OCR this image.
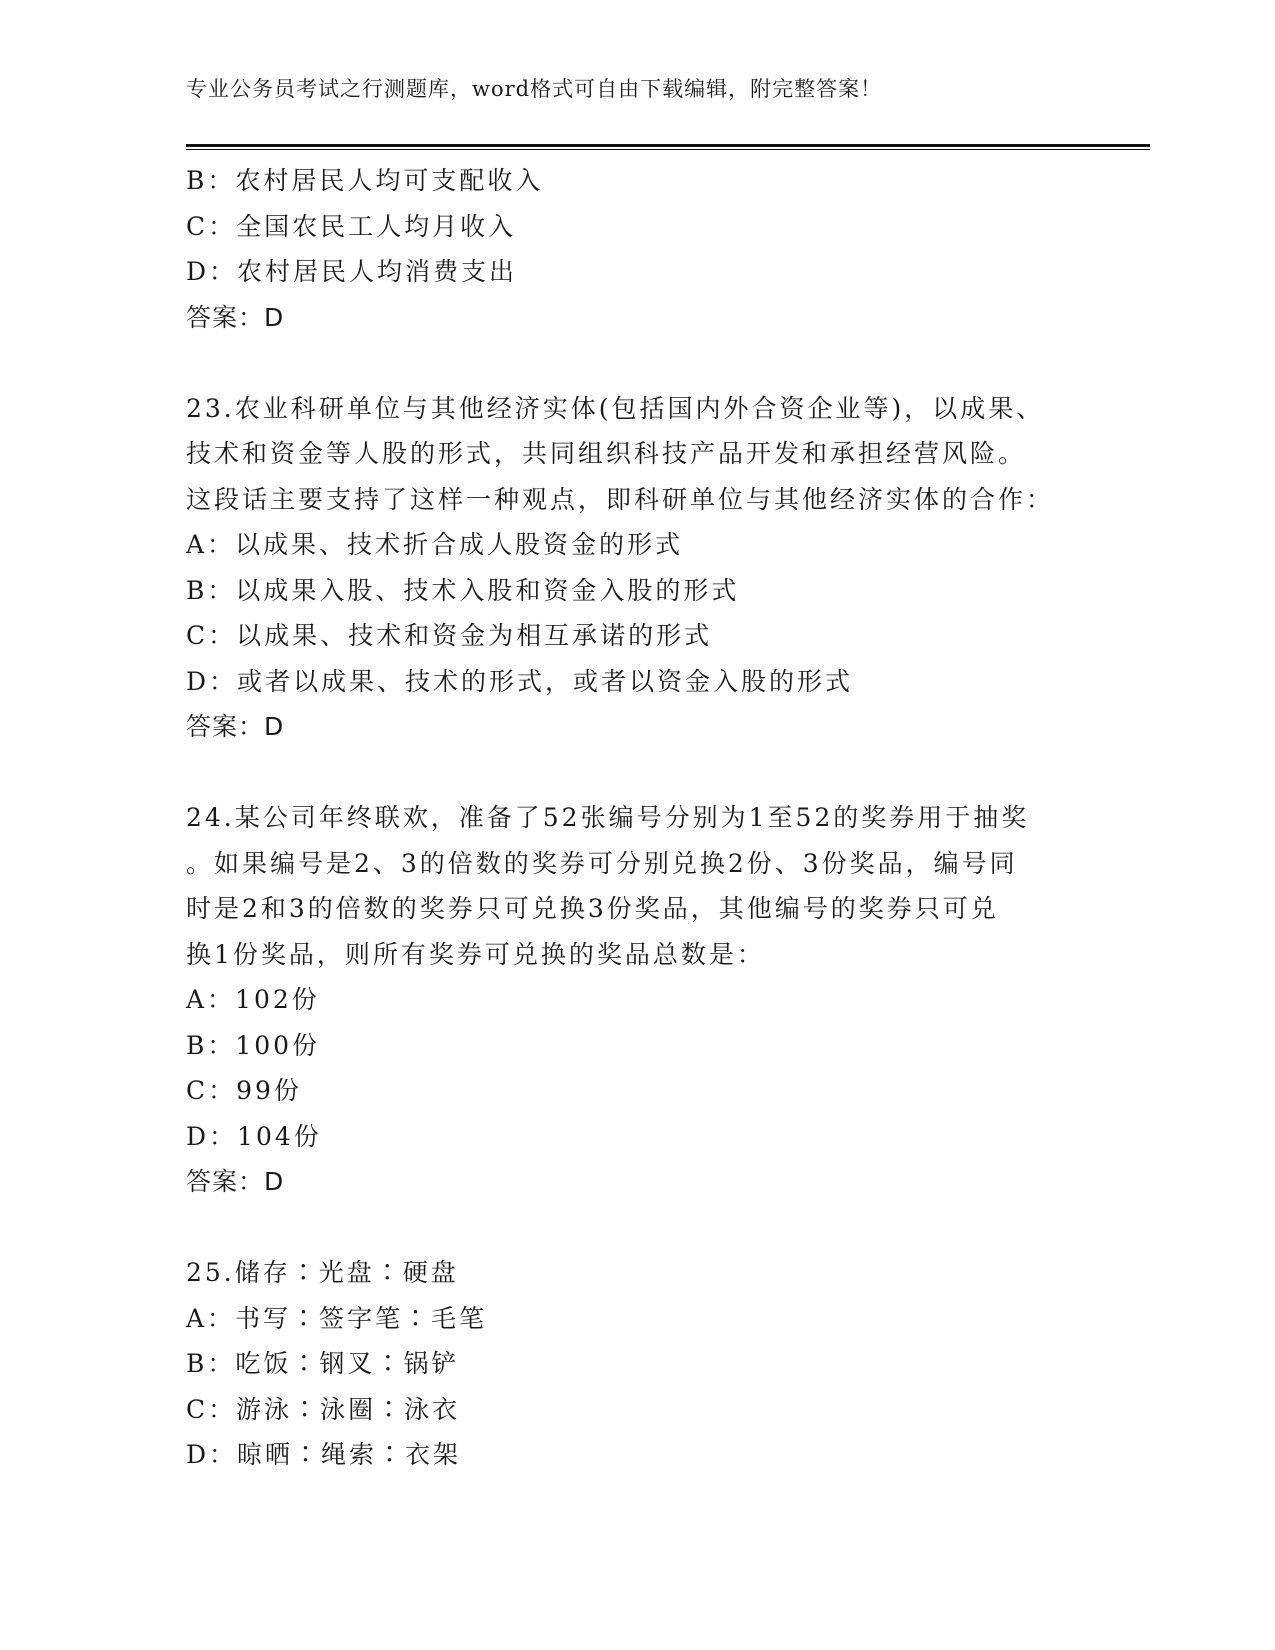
专业公务员考试之行测题库，word格式可自由下载编辑，附完整答案！
B：农村居民人均可支配收入
C：全国农民工人均月收入
D：农村居民人均消费支出
答案：D
23.农业科研单位与其他经济实体(包括国内外合资企业等)，以成果、
技术和资金等人股的形式，共同组织科技产品开发和承担经营风险。
这段话主要支持了这样一种观点，即科研单位与其他经济实体的合作：
A：以成果、技术折合成人股资金的形式
B：以成果入股、技术入股和资金入股的形式
C：以成果、技术和资金为相互承诺的形式
D：或者以成果、技术的形式，或者以资金入股的形式
答案：D
24.某公司年终联欢，准备了52张编号分别为1至52的奖券用于抽奖
。如果编号是2、3的倍数的奖券可分别兑换2份、3份奖品，编号同
时是2和3的倍数的奖券只可兑换3份奖品，其他编号的奖券只可兑
换1份奖品，则所有奖券可兑换的奖品总数是：
A：102份
B：100份
C：99份
D：104份
答案：D
25.储存∶光盘∶硬盘
A：书写∶签字笔∶毛笔
B：吃饭∶钢叉∶锅铲
C：游泳∶泳圈∶泳衣
D：晾晒∶绳索∶衣架
